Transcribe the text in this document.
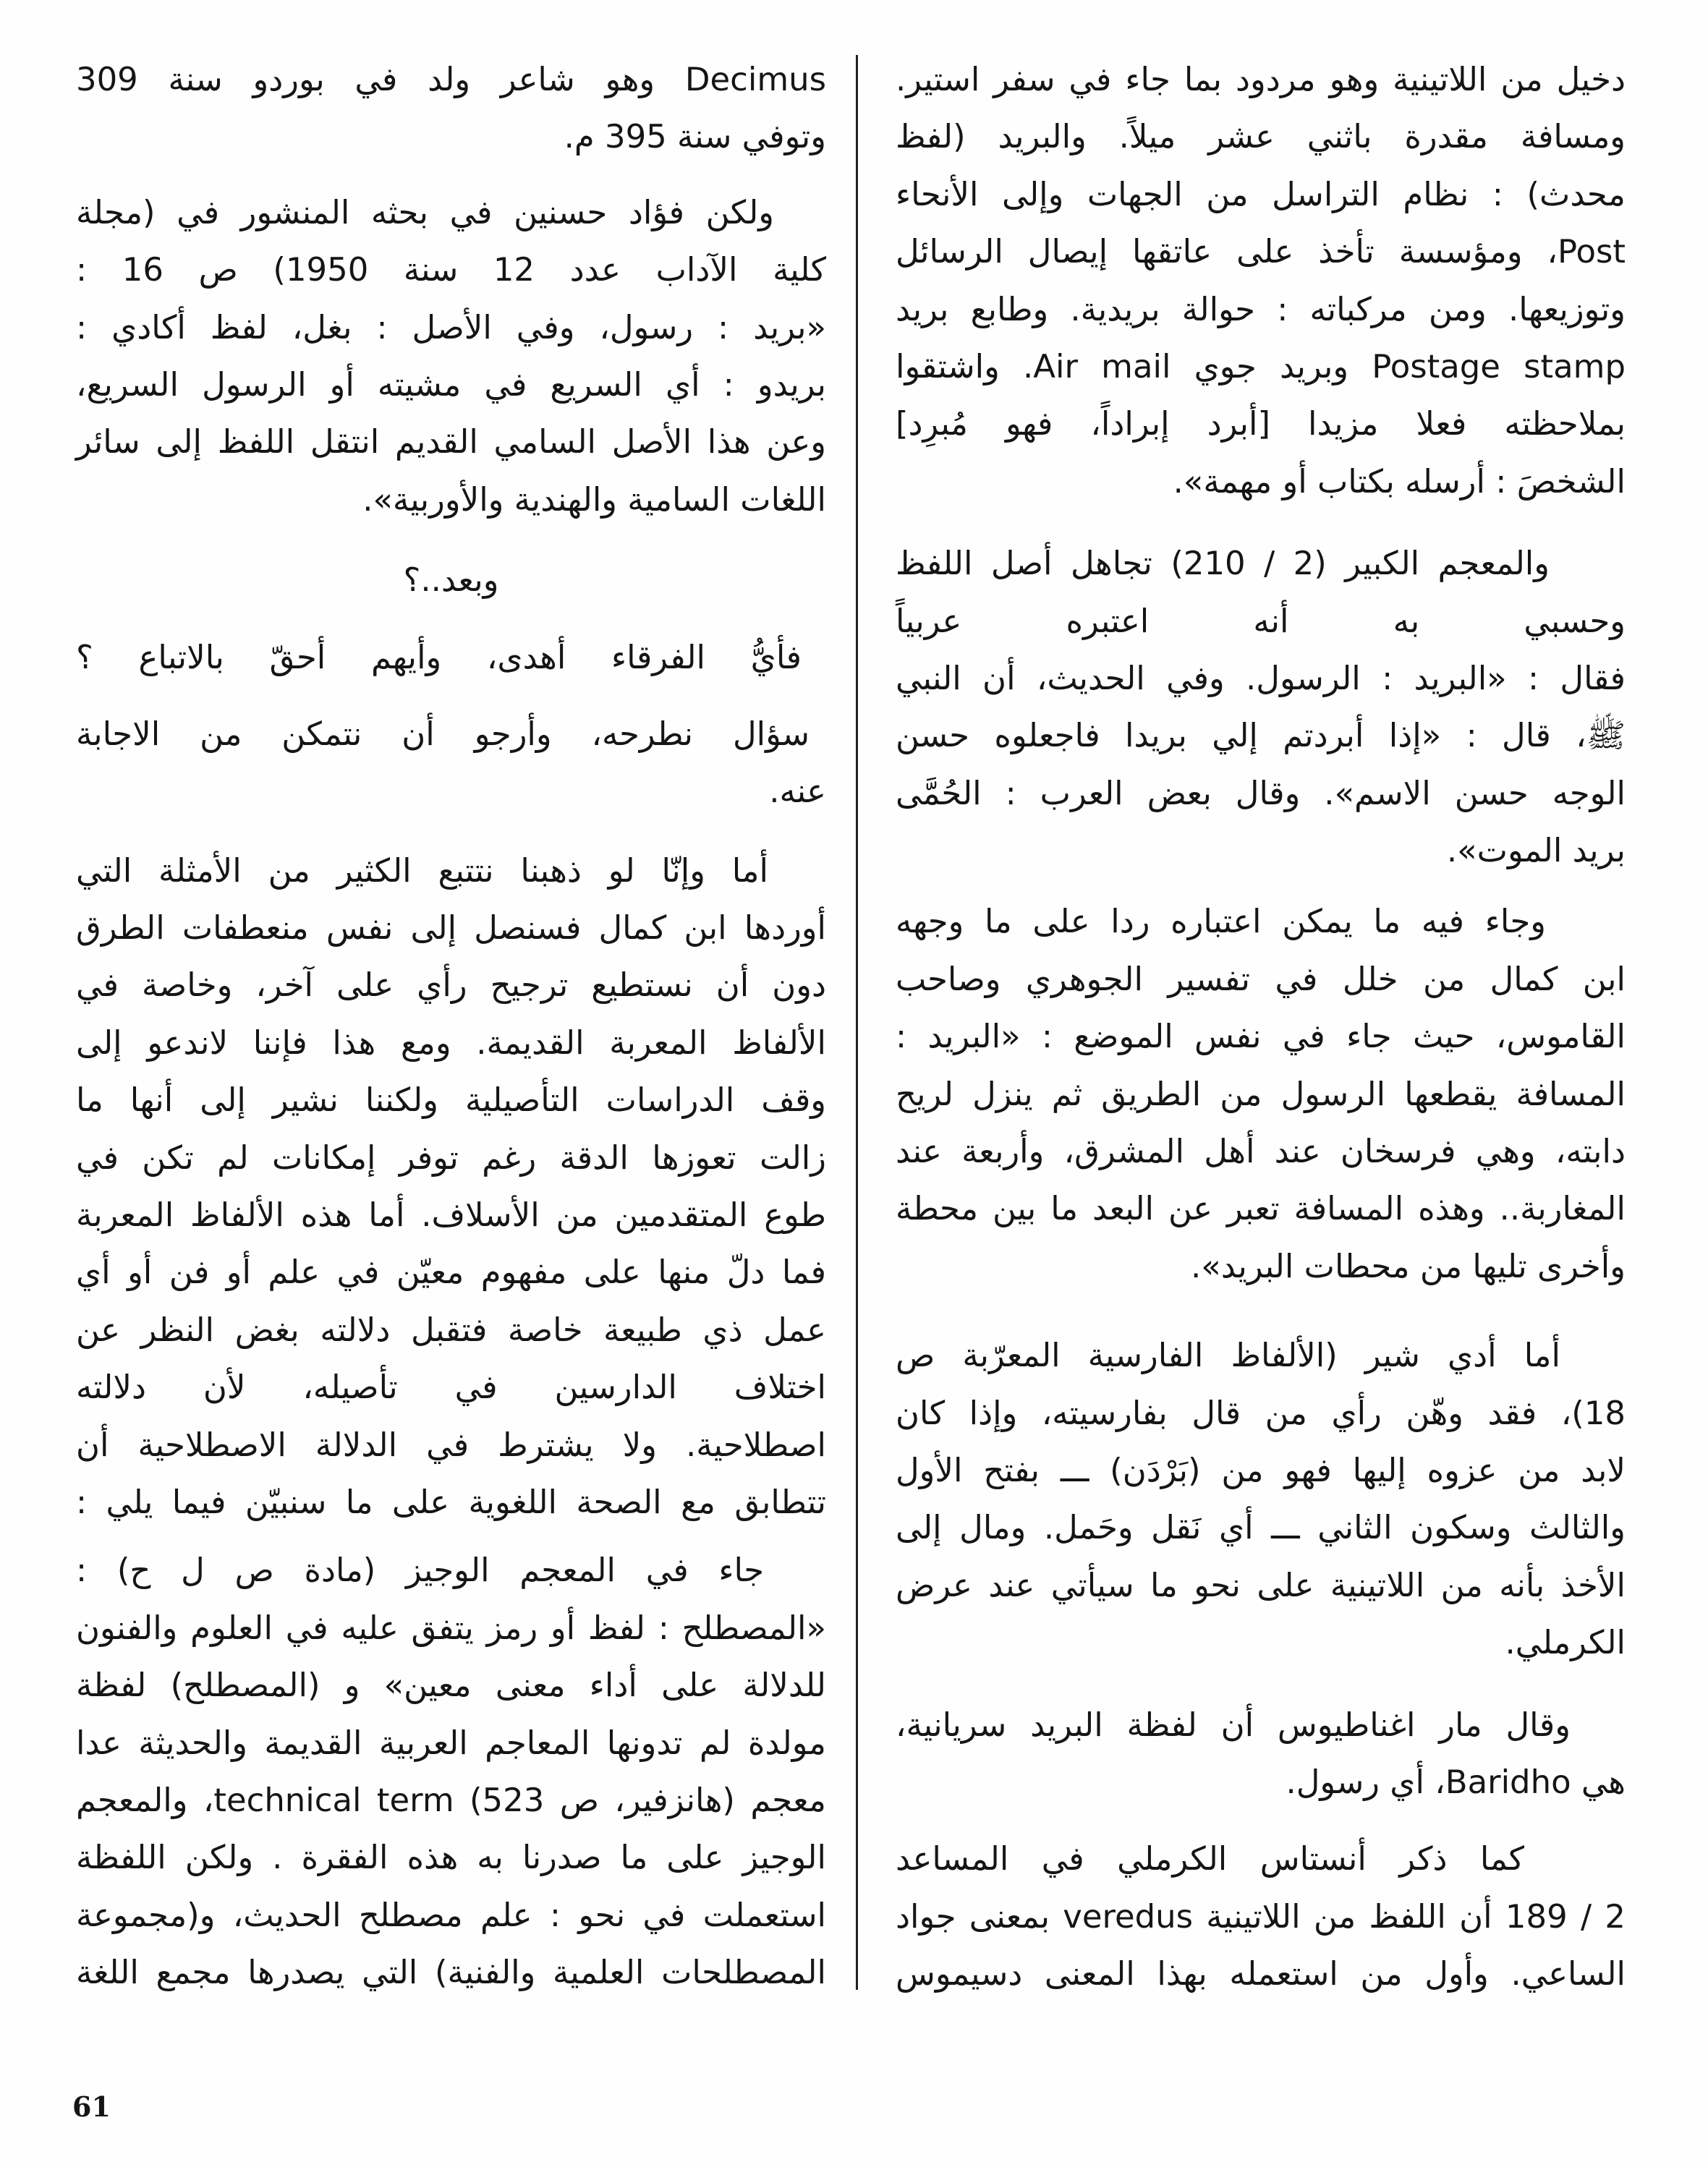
دخيل من اللاتينية وهو مردود بما جاء في سفر استير.
ومسافة مقدرة باثني عشر ميلاً. والبريد (لفظ
محدث) : نظام التراسل من الجهات وإلى الأنحاء
Post، ومؤسسة تأخذ على عاتقها إيصال الرسائل
وتوزيعها. ومن مركباته : حوالة بريدية. وطابع بريد
Postage stamp وبريد جوي Air mail. واشتقوا
بملاحظته فعلا مزيدا [أبرد إبراداً، فهو مُبرِد]
الشخصَ : أرسله بكتاب أو مهمة».
والمعجم الكبير (2 / 210) تجاهل أصل اللفظ
وحسبي به أنه اعتبره عربياً
فقال : «البريد : الرسول. وفي الحديث، أن النبي
ﷺ، قال : «إذا أبردتم إلي بريدا فاجعلوه حسن
الوجه حسن الاسم». وقال بعض العرب : الحُمَّى
بريد الموت».
وجاء فيه ما يمكن اعتباره ردا على ما وجهه
ابن كمال من خلل في تفسير الجوهري وصاحب
القاموس، حيث جاء في نفس الموضع : «البريد :
المسافة يقطعها الرسول من الطريق ثم ينزل لريح
دابته، وهي فرسخان عند أهل المشرق، وأربعة عند
المغاربة.. وهذه المسافة تعبر عن البعد ما بين محطة
وأخرى تليها من محطات البريد».
أما أدي شير (الألفاظ الفارسية المعرّبة ص
18)، فقد وهّن رأي من قال بفارسيته، وإذا كان
لابد من عزوه إليها فهو من (بَرْدَن) ـــ بفتح الأول
والثالث وسكون الثاني ـــ أي نَقل وحَمل. ومال إلى
الأخذ بأنه من اللاتينية على نحو ما سيأتي عند عرض
الكرملي.
وقال مار اغناطيوس أن لفظة البريد سريانية،
هي Baridho، أي رسول.
كما ذكر أنستاس الكرملي في المساعد
2 / 189 أن اللفظ من اللاتينية veredus بمعنى جواد
الساعي. وأول من استعمله بهذا المعنى دسيموس
Decimus وهو شاعر ولد في بوردو سنة 309
وتوفي سنة 395 م.
ولكن فؤاد حسنين في بحثه المنشور في (مجلة
كلية الآداب عدد 12 سنة 1950) ص 16 :
«بريد : رسول، وفي الأصل : بغل، لفظ أكادي :
بريدو : أي السريع في مشيته أو الرسول السريع،
وعن هذا الأصل السامي القديم انتقل اللفظ إلى سائر
اللغات السامية والهندية والأوربية».
وبعد..؟
فأيُّ الفرقاء أهدى، وأيهم أحقّ بالاتباع ؟
سؤال نطرحه، وأرجو أن نتمكن من الاجابة
عنه.
أما وإنّا لو ذهبنا نتتبع الكثير من الأمثلة التي
أوردها ابن كمال فسنصل إلى نفس منعطفات الطرق
دون أن نستطيع ترجيح رأي على آخر، وخاصة في
الألفاظ المعربة القديمة. ومع هذا فإننا لاندعو إلى
وقف الدراسات التأصيلية ولكننا نشير إلى أنها ما
زالت تعوزها الدقة رغم توفر إمكانات لم تكن في
طوع المتقدمين من الأسلاف. أما هذه الألفاظ المعربة
فما دلّ منها على مفهوم معيّن في علم أو فن أو أي
عمل ذي طبيعة خاصة فتقبل دلالته بغض النظر عن
اختلاف الدارسين في تأصيله، لأن دلالته
اصطلاحية. ولا يشترط في الدلالة الاصطلاحية أن
تتطابق مع الصحة اللغوية على ما سنبيّن فيما يلي :
جاء في المعجم الوجيز (مادة ص ل ح) :
«المصطلح : لفظ أو رمز يتفق عليه في العلوم والفنون
للدلالة على أداء معنى معين» و (المصطلح) لفظة
مولدة لم تدونها المعاجم العربية القديمة والحديثة عدا
معجم (هانزفير، ص 523) technical term، والمعجم
الوجيز على ما صدرنا به هذه الفقرة . ولكن اللفظة
استعملت في نحو : علم مصطلح الحديث، و(مجموعة
المصطلحات العلمية والفنية) التي يصدرها مجمع اللغة
61
